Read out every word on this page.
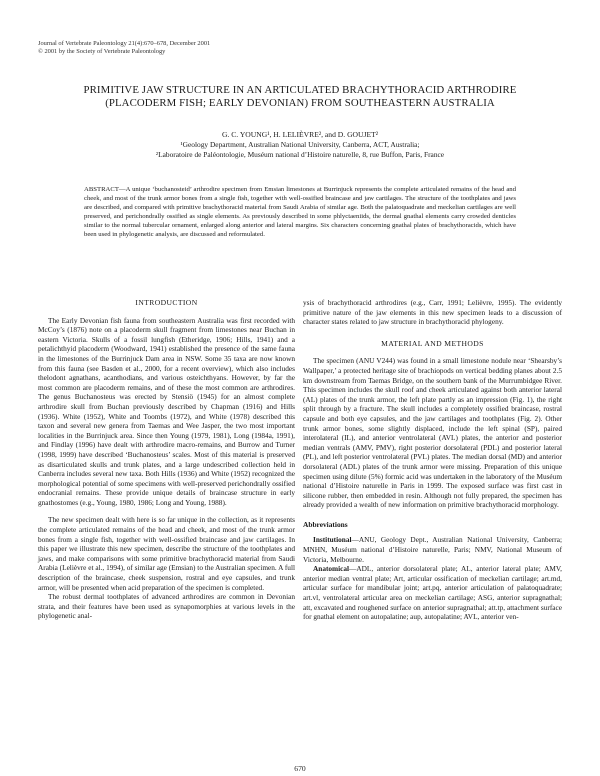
Journal of Vertebrate Paleontology 21(4):670–678, December 2001
© 2001 by the Society of Vertebrate Paleontology
PRIMITIVE JAW STRUCTURE IN AN ARTICULATED BRACHYTHORACID ARTHRODIRE
(PLACODERM FISH; EARLY DEVONIAN) FROM SOUTHEASTERN AUSTRALIA
G. C. YOUNG¹, H. LELIÈVRE², and D. GOUJET²
¹Geology Department, Australian National University, Canberra, ACT, Australia;
²Laboratoire de Paléontologie, Muséum national d’Histoire naturelle, 8, rue Buffon, Paris, France
ABSTRACT—A unique ‘buchanosteid’ arthrodire specimen from Emsian limestones at Burrinjuck represents the complete articulated remains of the head and cheek, and most of the trunk armor bones from a single fish, together with well-ossified braincase and jaw cartilages. The structure of the toothplates and jaws are described, and compared with primitive brachythoracid material from Saudi Arabia of similar age. Both the palatoquadrate and meckelian cartilages are well preserved, and perichondrally ossified as single elements. As previously described in some phlyctaeniids, the dermal gnathal elements carry crowded denticles similar to the normal tubercular ornament, enlarged along anterior and lateral margins. Six characters concerning gnathal plates of brachythoracids, which have been used in phylogenetic analysis, are discussed and reformulated.
INTRODUCTION

The Early Devonian fish fauna from southeastern Australia was first recorded with McCoy’s (1876) note on a placoderm skull fragment from limestones near Buchan in eastern Victoria. Skulls of a fossil lungfish (Etheridge, 1906; Hills, 1941) and a petalichthyid placoderm (Woodward, 1941) established the presence of the same fauna in the limestones of the Burrinjuck Dam area in NSW. Some 35 taxa are now known from this fauna (see Basden et al., 2000, for a recent overview), which also includes thelodont agnathans, acanthodians, and various osteichthyans. However, by far the most common are placoderm remains, and of these the most common are arthrodires. The genus Buchanosteus was erected by Stensiö (1945) for an almost complete arthrodire skull from Buchan previously described by Chapman (1916) and Hills (1936). White (1952), White and Toombs (1972), and White (1978) described this taxon and several new genera from Taemas and Wee Jasper, the two most important localities in the Burrinjuck area. Since then Young (1979, 1981), Long (1984a, 1991), and Findlay (1996) have dealt with arthrodire macro-remains, and Burrow and Turner (1998, 1999) have described ‘Buchanosteus’ scales. Most of this material is preserved as disarticulated skulls and trunk plates, and a large undescribed collection held in Canberra includes several new taxa. Both Hills (1936) and White (1952) recognized the morphological potential of some specimens with well-preserved perichondrally ossified endocranial remains. These provide unique details of braincase structure in early gnathostomes (e.g., Young, 1980, 1986; Long and Young, 1988).

The new specimen dealt with here is so far unique in the collection, as it represents the complete articulated remains of the head and cheek, and most of the trunk armor bones from a single fish, together with well-ossified braincase and jaw cartilages. In this paper we illustrate this new specimen, describe the structure of the toothplates and jaws, and make comparisons with some primitive brachythoracid material from Saudi Arabia (Lelièvre et al., 1994), of similar age (Emsian) to the Australian specimen. A full description of the braincase, cheek suspension, rostral and eye capsules, and trunk armor, will be presented when acid preparation of the specimen is completed.

The robust dermal toothplates of advanced arthrodires are common in Devonian strata, and their features have been used as synapomorphies at various levels in the phylogenetic anal-

ysis of brachythoracid arthrodires (e.g., Carr, 1991; Lelièvre, 1995). The evidently primitive nature of the jaw elements in this new specimen leads to a discussion of character states related to jaw structure in brachythoracid phylogeny.

MATERIAL AND METHODS

The specimen (ANU V244) was found in a small limestone nodule near ‘Shearsby’s Wallpaper,’ a protected heritage site of brachiopods on vertical bedding planes about 2.5 km downstream from Taemas Bridge, on the southern bank of the Murrumbidgee River. This specimen includes the skull roof and cheek articulated against both anterior lateral (AL) plates of the trunk armor, the left plate partly as an impression (Fig. 1), the right split through by a fracture. The skull includes a completely ossified braincase, rostral capsule and both eye capsules, and the jaw cartilages and toothplates (Fig. 2). Other trunk armor bones, some slightly displaced, include the left spinal (SP), paired interolateral (IL), and anterior ventrolateral (AVL) plates, the anterior and posterior median ventrals (AMV, PMV), right posterior dorsolateral (PDL) and posterior lateral (PL), and left posterior ventrolateral (PVL) plates. The median dorsal (MD) and anterior dorsolateral (ADL) plates of the trunk armor were missing. Preparation of this unique specimen using dilute (5%) formic acid was undertaken in the laboratory of the Muséum national d’Histoire naturelle in Paris in 1999. The exposed surface was first cast in silicone rubber, then embedded in resin. Although not fully prepared, the specimen has already provided a wealth of new information on primitive brachythoracid morphology.

Abbreviations

Institutional—ANU, Geology Dept., Australian National University, Canberra; MNHN, Muséum national d’Histoire naturelle, Paris; NMV, National Museum of Victoria, Melbourne.

Anatomical—ADL, anterior dorsolateral plate; AL, anterior lateral plate; AMV, anterior median ventral plate; Art, articular ossification of meckelian cartilage; art.md, articular surface for mandibular joint; art.pq, anterior articulation of palatoquadrate; art.vl, ventrolateral articular area on meckelian cartilage; ASG, anterior supragnathal; att, excavated and roughened surface on anterior supragnathal; att.tp, attachment surface for gnathal element on autopalatine; aup, autopalatine; AVL, anterior ven-

670
